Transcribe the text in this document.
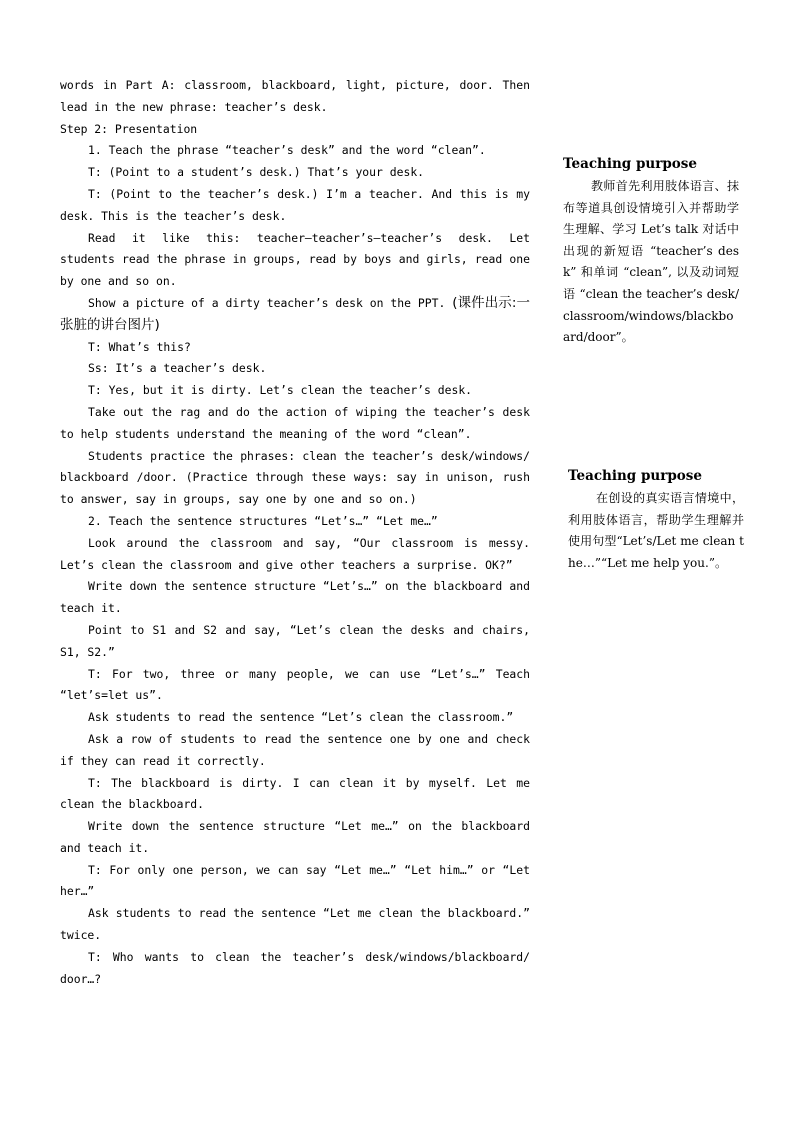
words in Part A: classroom, blackboard, light, picture, door. Then lead in the new phrase: teacher’s desk.

Step 2: Presentation

1. Teach the phrase “teacher’s desk” and the word “clean”.

T: (Point to a student’s desk.) That’s your desk.

T: (Point to the teacher’s desk.) I’m a teacher. And this is my desk. This is the teacher’s desk.

Read it like this: teacher—teacher’s—teacher’s desk. Let students read the phrase in groups, read by boys and girls, read one by one and so on.

Show a picture of a dirty teacher’s desk on the PPT. (课件出示:一张脏的讲台图片)

T: What’s this?

Ss: It’s a teacher’s desk.

T: Yes, but it is dirty. Let’s clean the teacher’s desk.

Take out the rag and do the action of wiping the teacher’s desk to help students understand the meaning of the word “clean”.

Students practice the phrases: clean the teacher’s desk/windows/ blackboard /door. (Practice through these ways: say in unison, rush to answer, say in groups, say one by one and so on.)

2. Teach the sentence structures “Let’s…” “Let me…”

Look around the classroom and say, “Our classroom is messy. Let’s clean the classroom and give other teachers a surprise. OK?”

Write down the sentence structure “Let’s…” on the blackboard and teach it.

Point to S1 and S2 and say, “Let’s clean the desks and chairs, S1, S2.”

T: For two, three or many people, we can use “Let’s…” Teach “let’s=let us”.

Ask students to read the sentence “Let’s clean the classroom.”

Ask a row of students to read the sentence one by one and check if they can read it correctly.

T: The blackboard is dirty. I can clean it by myself. Let me clean the blackboard.

Write down the sentence structure “Let me…” on the blackboard and teach it.

T: For only one person, we can say “Let me…” “Let him…” or “Let her…”

Ask students to read the sentence “Let me clean the blackboard.” twice.

T: Who wants to clean the teacher’s desk/windows/blackboard/ door…?

Teaching purpose

教师首先利用肢体语言、抹布等道具创设情境引入并帮助学生理解、学习 Let’s talk 对话中出现的新短语 “teacher’s desk” 和单词 “clean”, 以及动词短语 “clean the teacher’s desk/classroom/windows/blackboard/door”。

Teaching purpose

在创设的真实语言情境中，利用肢体语言，帮助学生理解并使用句型“Let’s/Let me clean the…”“Let me help you.”。
